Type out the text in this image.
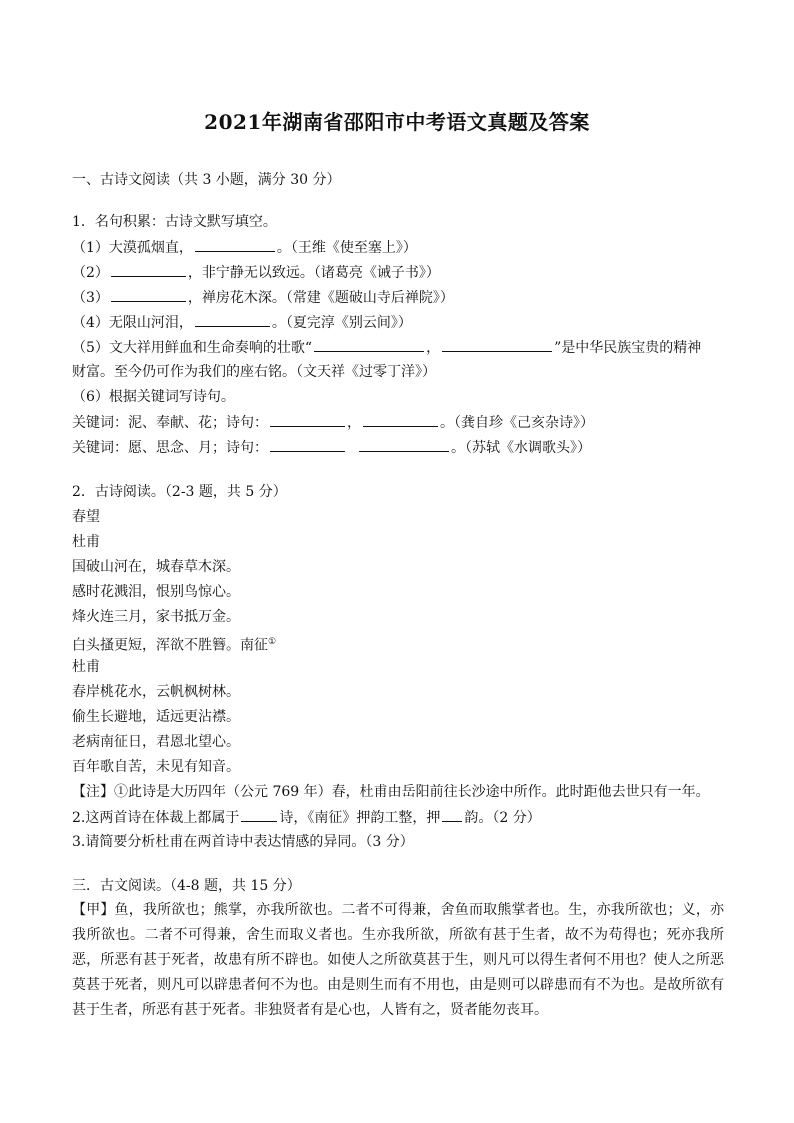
2021年湖南省邵阳市中考语文真题及答案
一、古诗文阅读（共 3 小题，满分 30 分）
1．名句积累：古诗文默写填空。
（1）大漠孤烟直，	。（王维《使至塞上》）
（2）	，非宁静无以致远。（诸葛亮《诫子书》）
（3）	，禅房花木深。（常建《题破山寺后禅院》）
（4）无限山河泪，	。（夏完淳《别云间》）
（5）文大祥用鲜血和生命奏响的壮歌“	，	”是中华民族宝贵的精神
财富。至今仍可作为我们的座右铭。（文天祥《过零丁洋》）
（6）根据关键词写诗句。
关键词：泥、奉献、花；诗句：	，	。（龚自珍《己亥杂诗》）
关键词：愿、思念、月；诗句：	。（苏轼《水调歌头》）
2．古诗阅读。（2-3 题，共 5 分）
春望
杜甫
国破山河在，城春草木深。
感时花溅泪，恨别鸟惊心。
烽火连三月，家书抵万金。
白头搔更短，浑欲不胜簪。南征①
杜甫
春岸桃花水，云帆枫树林。
偷生长避地，适远更沾襟。
老病南征日，君恩北望心。
百年歌自苦，未见有知音。
【注】①此诗是大历四年（公元 769 年）春，杜甫由岳阳前往长沙途中所作。此时距他去世只有一年。
2.这两首诗在体裁上都属于	诗，《南征》押韵工整，押 韵。（2 分）
3.请简要分析杜甫在两首诗中表达情感的异同。（3 分）
三．古文阅读。（4-8 题，共 15 分）
【甲】鱼，我所欲也；熊掌，亦我所欲也。二者不可得兼，舍鱼而取熊掌者也。生，亦我所欲也；义，亦我所欲也。二者不可得兼，舍生而取义者也。生亦我所欲，所欲有甚于生者，故不为苟得也；死亦我所恶，所恶有甚于死者，故患有所不辟也。如使人之所欲莫甚于生，则凡可以得生者何不用也？使人之所恶莫甚于死者，则凡可以辟患者何不为也。由是则生而有不用也，由是则可以辟患而有不为也。是故所欲有甚于生者，所恶有甚于死者。非独贤者有是心也，人皆有之，贤者能勿丧耳。
